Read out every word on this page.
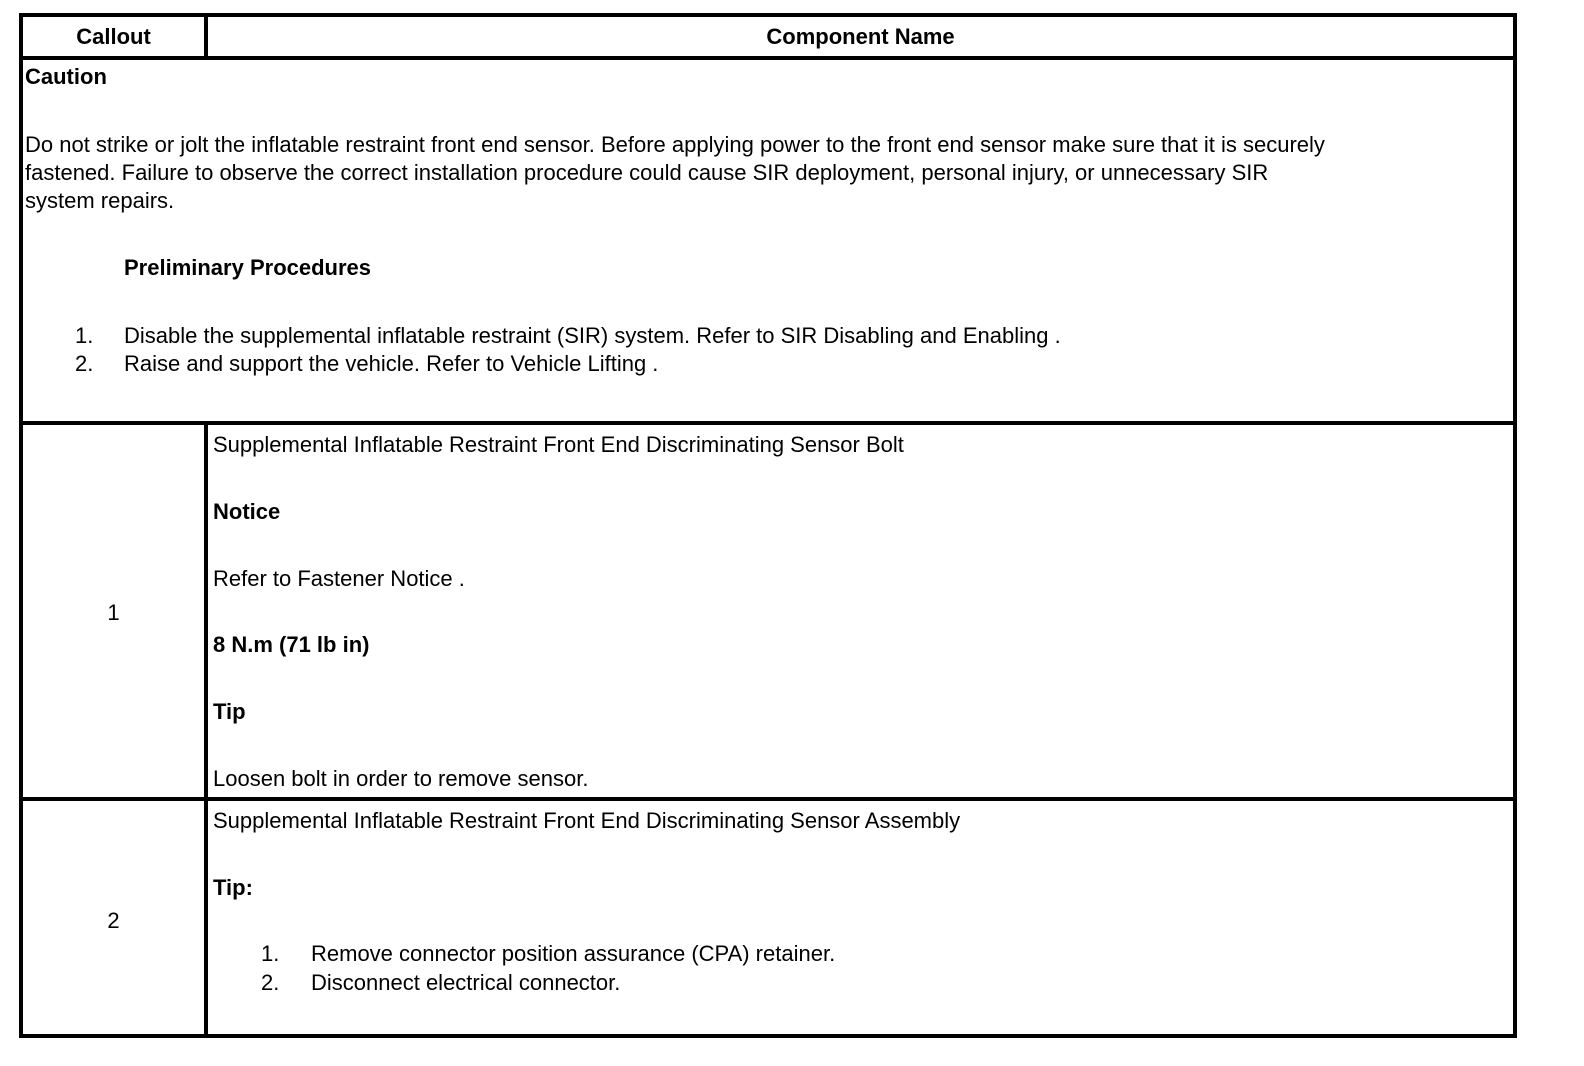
Callout	Component Name
Caution
Do not strike or jolt the inflatable restraint front end sensor. Before applying power to the front end sensor make sure that it is securely
fastened. Failure to observe the correct installation procedure could cause SIR deployment, personal injury, or unnecessary SIR
system repairs.
Preliminary Procedures
1. Disable the supplemental inflatable restraint (SIR) system. Refer to SIR Disabling and Enabling .
2. Raise and support the vehicle. Refer to Vehicle Lifting .
1
Supplemental Inflatable Restraint Front End Discriminating Sensor Bolt
Notice
Refer to Fastener Notice .
8 N.m (71 lb in)
Tip
Loosen bolt in order to remove sensor.
2
Supplemental Inflatable Restraint Front End Discriminating Sensor Assembly
Tip:
1. Remove connector position assurance (CPA) retainer.
2. Disconnect electrical connector.
